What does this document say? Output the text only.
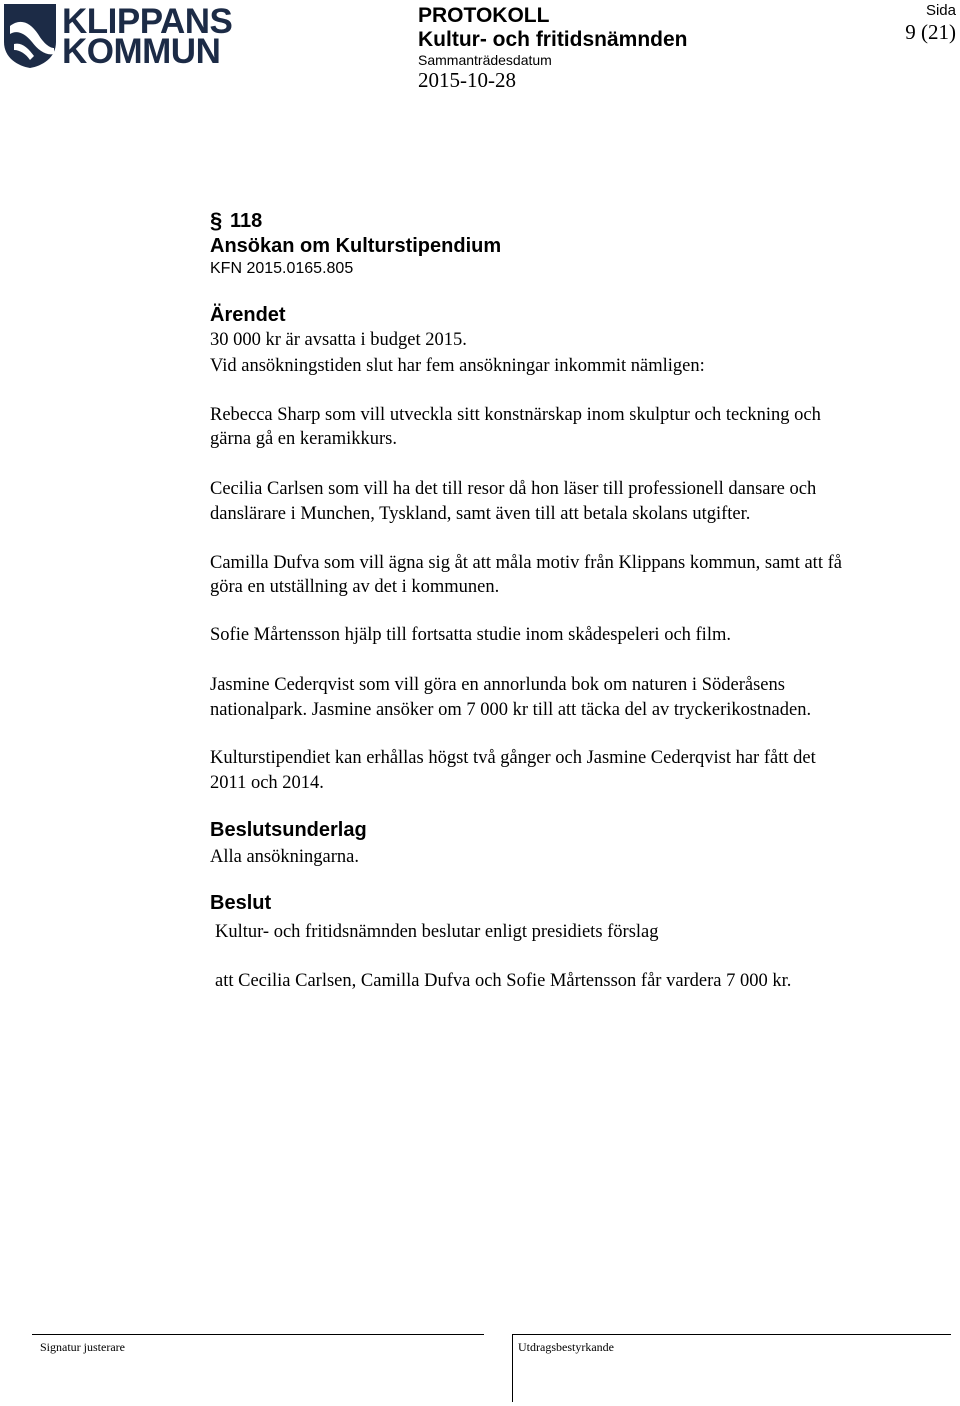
KLIPPANS
KOMMUN
PROTOKOLL
Kultur- och fritidsnämnden
Sammanträdesdatum
2015-10-28
Sida
9 (21)
§ 118
Ansökan om Kulturstipendium
KFN 2015.0165.805
Ärendet
30 000 kr är avsatta i budget 2015.
Vid ansökningstiden slut har fem ansökningar inkommit nämligen:
Rebecca Sharp som vill utveckla sitt konstnärskap inom skulptur och teckning och
gärna gå en keramikkurs.
Cecilia Carlsen som vill ha det till resor då hon läser till professionell dansare och
danslärare i Munchen, Tyskland, samt även till att betala skolans utgifter.
Camilla Dufva som vill ägna sig åt att måla motiv från Klippans kommun, samt att få
göra en utställning av det i kommunen.
Sofie Mårtensson hjälp till fortsatta studie inom skådespeleri och film.
Jasmine Cederqvist som vill göra en annorlunda bok om naturen i Söderåsens
nationalpark. Jasmine ansöker om 7 000 kr till att täcka del av tryckerikostnaden.
Kulturstipendiet kan erhållas högst två gånger och Jasmine Cederqvist har fått det
2011 och 2014.
Beslutsunderlag
Alla ansökningarna.
Beslut
Kultur- och fritidsnämnden beslutar enligt presidiets förslag
att Cecilia Carlsen, Camilla Dufva och Sofie Mårtensson får vardera 7 000 kr.
Signatur justerare	Utdragsbestyrkande
